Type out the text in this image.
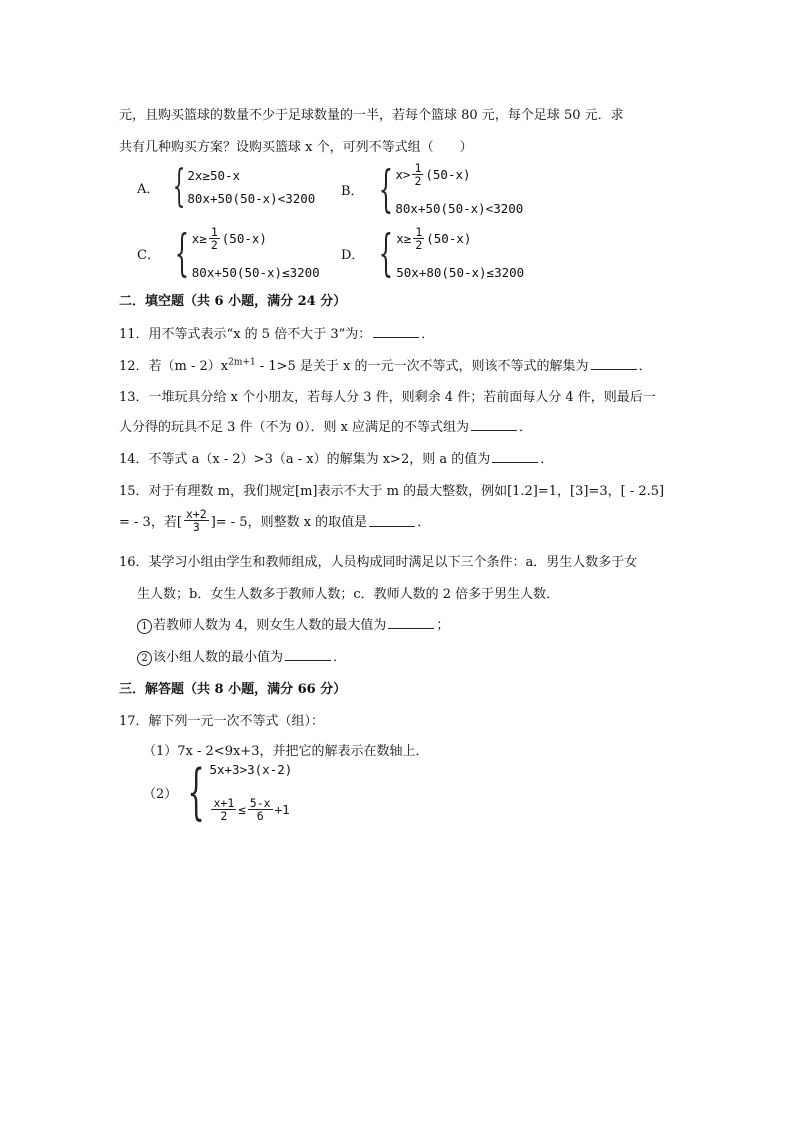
元，且购买篮球的数量不少于足球数量的一半，若每个篮球 80 元，每个足球 50 元．求
共有几种购买方案？设购买篮球 x 个，可列不等式组（　　）
A． { 2x≥50-x
80x+50(50-x)<3200 B． { $x> \frac{1}{2} (50-x)$
80x+50(50-x)<3200
C． { $x\ge \frac{1}{2} (50-x)$
80x+50(50-x)≤3200
D． { $x\ge \frac{1}{2} (50-x)$
50x+80(50-x)≤3200
二．填空题（共 6 小题，满分 24 分）
11．用不等式表示“x 的 5 倍不大于 3”为：	．
12．若$(m - 2)x^{2m+1} - 1>5$ 是关于 x 的一元一次不等式，则该不等式的解集为	．
13．一堆玩具分给 x 个小朋友，若每人分 3 件，则剩余 4 件；若前面每人分 4 件，则最后一
人分得的玩具不足 3 件（不为 0）．则 x 应满足的不等式组为	．
14．不等式 a（x - 2）>3（a - x）的解集为 x>2，则 a 的值为	．
15．对于有理数 m，我们规定[m]表示不大于 m 的最大整数，例如[1.2]=1，[3]=3，[ - 2.5]
= - 3，若[ $\frac{x+2}{3}$ ]= - 5，则整数 x 的取值是	．
16．某学习小组由学生和教师组成，人员构成同时满足以下三个条件：a．男生人数多于女
生人数；b．女生人数多于教师人数；c．教师人数的 2 倍多于男生人数．
1 若教师人数为 4，则女生人数的最大值为	；
2 该小组人数的最小值为	．
三．解答题（共 8 小题，满分 66 分）
17．解下列一元一次不等式（组）：
（1）7x - 2<9x+3，并把它的解表示在数轴上．
（2） { 5x+3>3(x-2)
$\frac{x+1}{2} \le \frac{5-x}{6} +1$
